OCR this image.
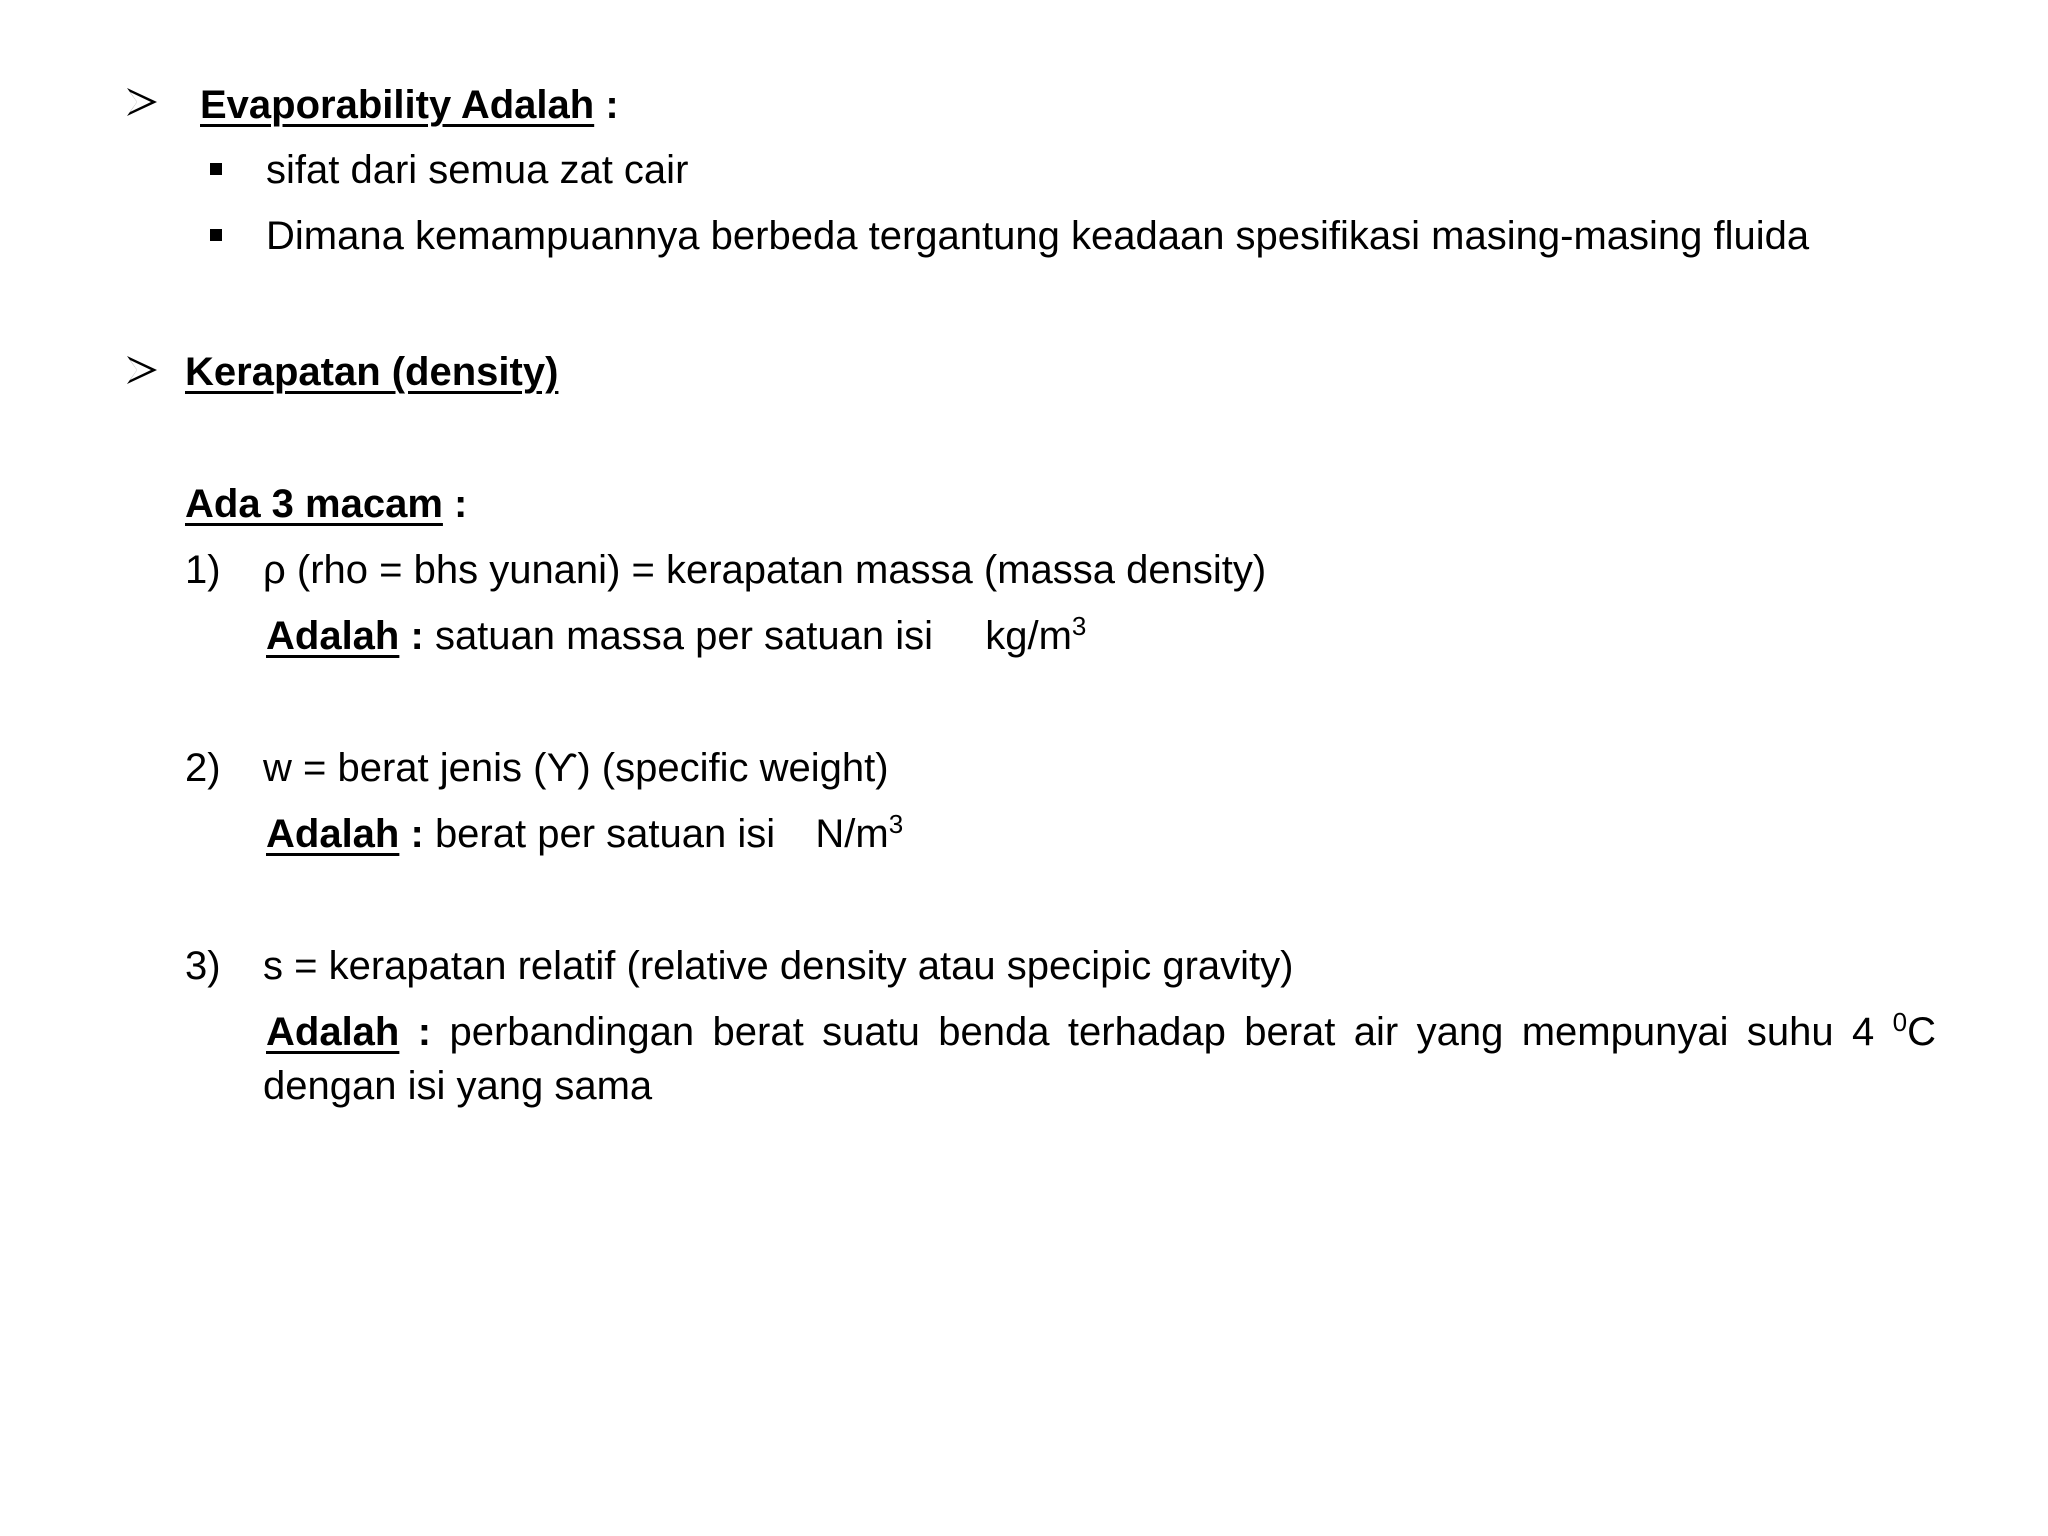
Evaporability Adalah :
sifat dari semua zat cair
Dimana kemampuannya berbeda tergantung keadaan spesifikasi masing-masing fluida
Kerapatan (density)
Ada 3 macam :
1) ρ (rho = bhs yunani) = kerapatan massa (massa density)
Adalah : satuan massa per satuan isi $kg/m^3$
2) w = berat jenis (ϒ) (specific weight)
Adalah : berat per satuan isi $N/m^3$
3) s = kerapatan relatif (relative density atau specipic gravity)
Adalah : perbandingan berat suatu benda terhadap berat air yang mempunyai suhu 4 $^0$C
dengan isi yang sama
